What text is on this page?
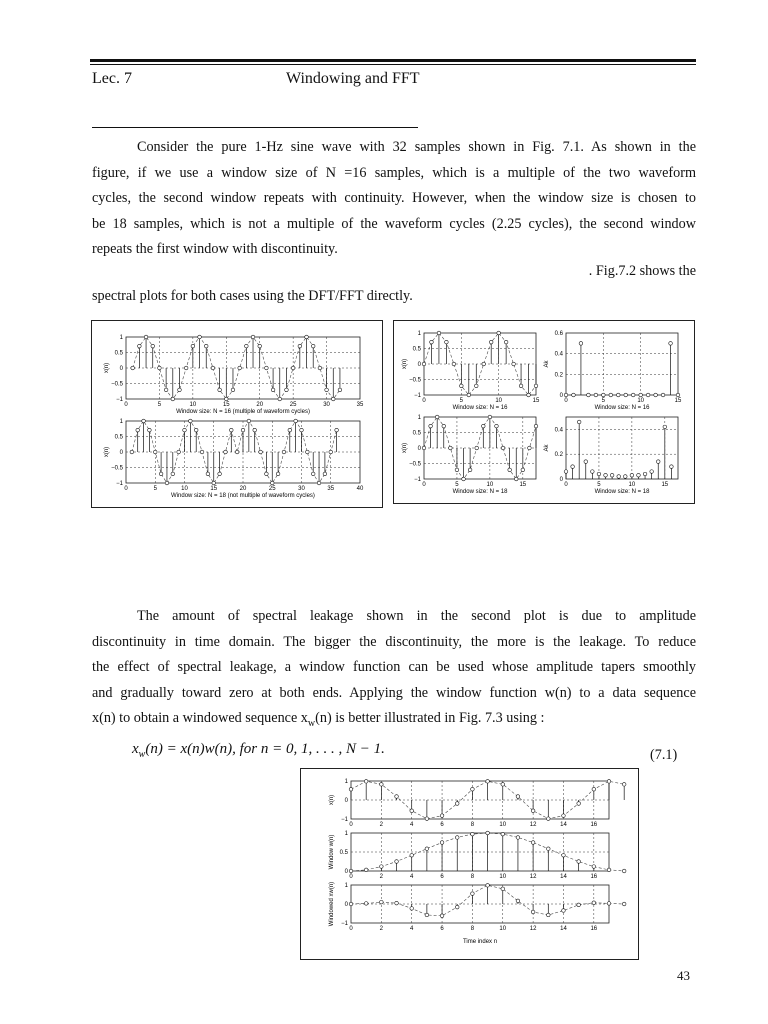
Lec. 7	Windowing and FFT
Consider the pure 1-Hz sine wave with 32 samples shown in Fig. 7.1. As shown in the
figure, if we use a window size of N =16 samples, which is a multiple of the two waveform
cycles, the second window repeats with continuity. However, when the window size is chosen to
be 18 samples, which is not a multiple of the waveform cycles (2.25 cycles), the second window
repeats the first window with discontinuity.
. Fig.7.2 shows the
spectral plots for both cases using the DFT/FFT directly.
0	5	10	15	20	25	30	35
1
0.5
0
−0.5
−1
x(n)
Window size: N = 16 (multiple of waveform cycles)
0	5	10	15	20	25	30	35	40
1
0.5
0
−0.5
−1
x(n)
Window size: N = 18 (not multiple of waveform cycles)
0	5	10	15
1
0.5
0
−0.5
−1
x(n)
Window size: N = 16
0	5	10	15
0.6
0.4
0.2
0
Ak
Window size: N = 16
0	5	10	15
1
0.5
0
−0.5
−1
x(n)
Window size: N = 18
0	5	10	15
0.4
0.2
0
Ak
Window size: N = 18
The amount of spectral leakage shown in the second plot is due to amplitude
discontinuity in time domain. The bigger the discontinuity, the more is the leakage. To reduce
the effect of spectral leakage, a window function can be used whose amplitude tapers smoothly
and gradually toward zero at both ends. Applying the window function w(n) to a data sequence
x(n) to obtain a windowed sequence $x_w(n)$ is better illustrated in Fig. 7.3 using :
$x_w(n) = x(n)w(n)$, for n = 0, 1, . . . , N − 1.	(7.1)
0	2	4	6	8	10	12	14	16
1
0
−1
x(n)
0	2	4	6	8	10	12	14	16
1
0.5
0
Window w(n)
0	2	4	6	8	10	12	14	16
1
0
−1
Windowed xw(n)
Time index n
43
